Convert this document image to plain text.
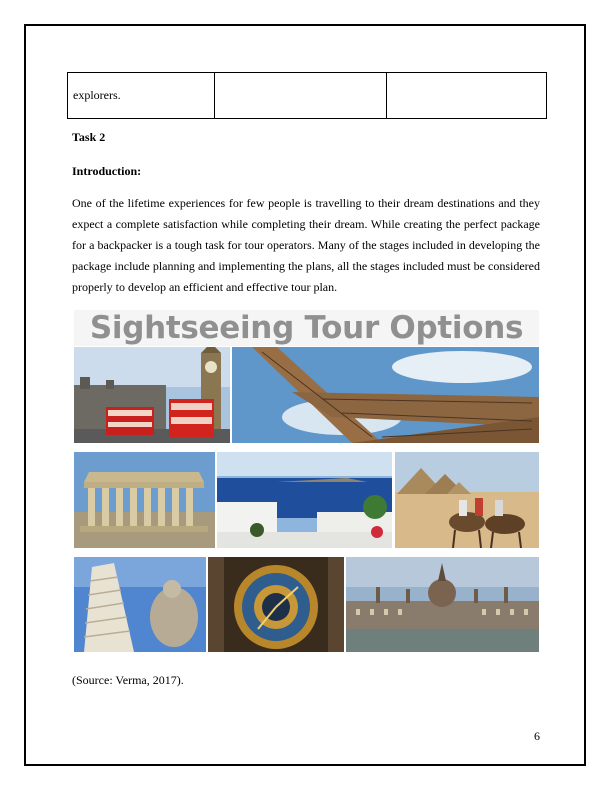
explorers.		

Task 2

Introduction:

One of the lifetime experiences for few people is travelling to their dream destinations and they expect a complete satisfaction while completing their dream. While creating the perfect package for a backpacker is a tough task for tour operators. Many of the stages included in developing the package include planning and implementing the plans, all the stages included must be considered properly to develop an efficient and effective tour plan.

Sightseeing Tour Options

(Source: Verma, 2017).

6
